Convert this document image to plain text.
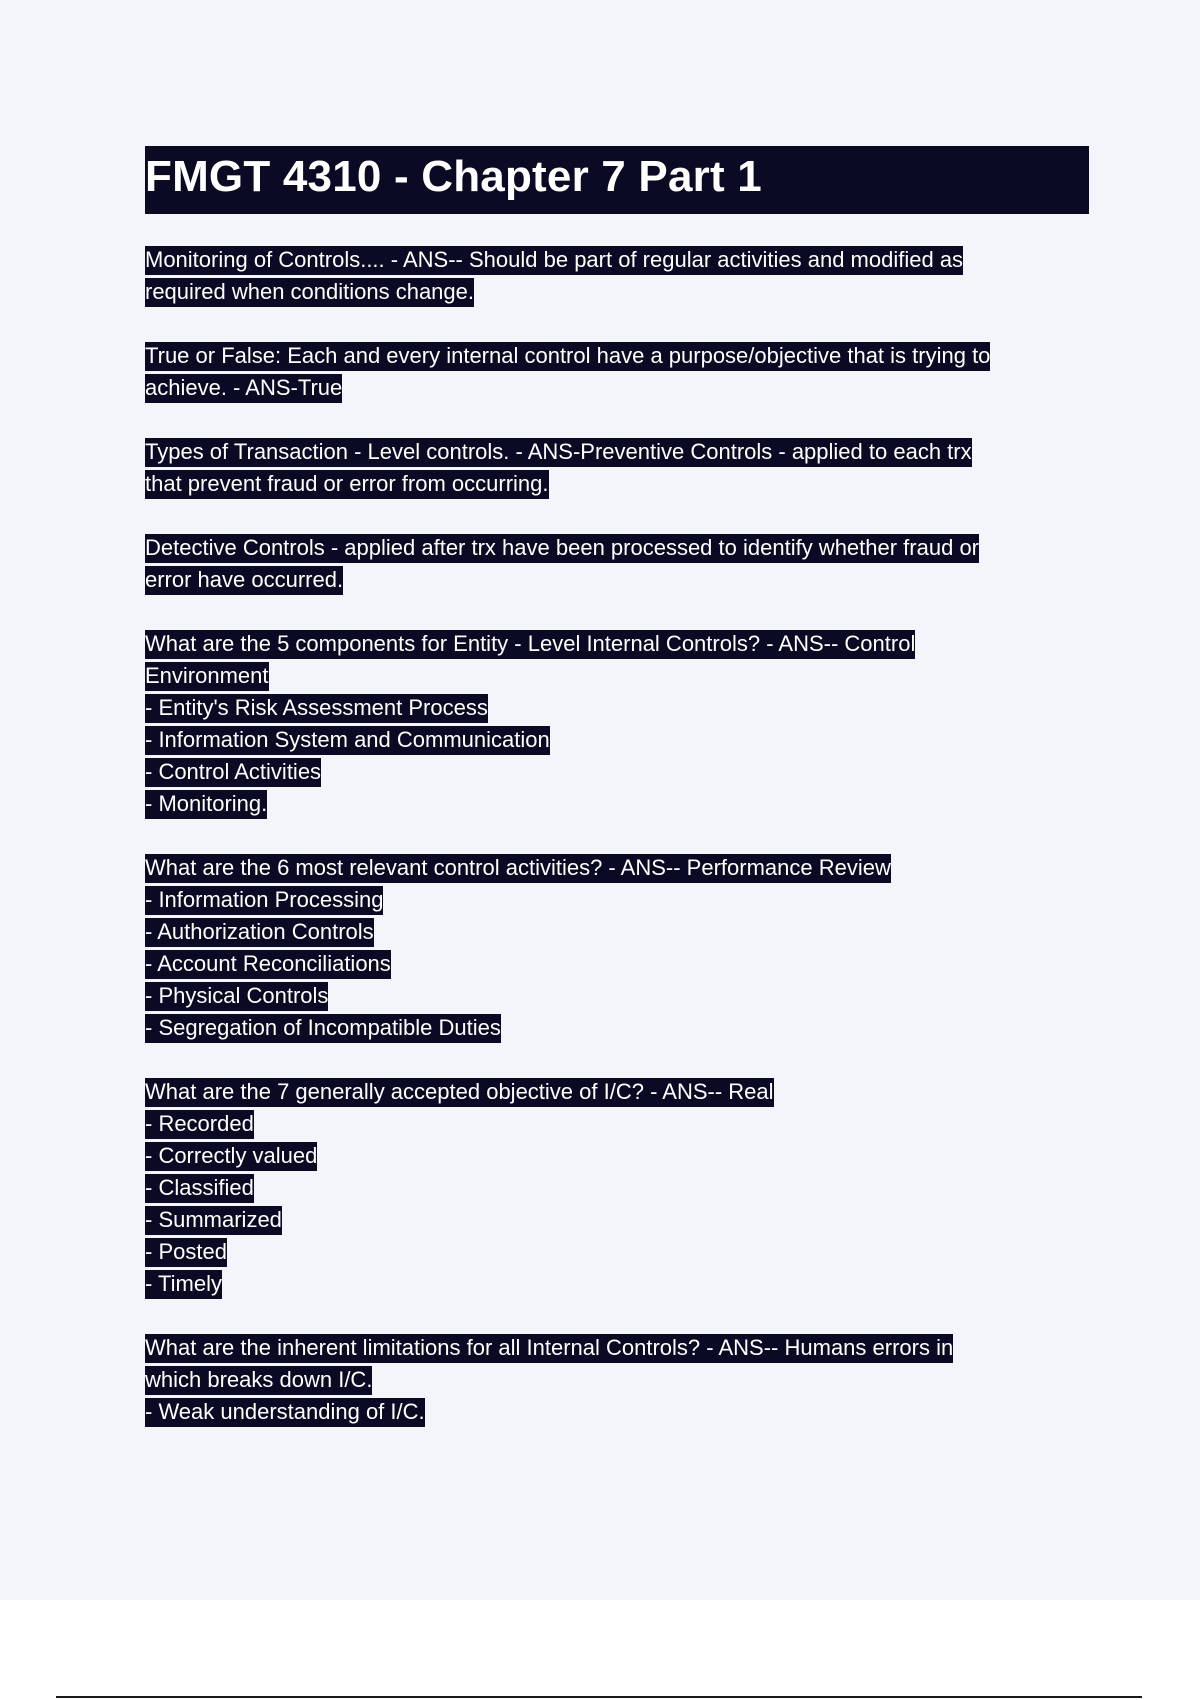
FMGT 4310 - Chapter 7 Part 1
Monitoring of Controls.... - ANS-- Should be part of regular activities and modified as
required when conditions change.
True or False: Each and every internal control have a purpose/objective that is trying to
achieve. - ANS-True
Types of Transaction - Level controls. - ANS-Preventive Controls - applied to each trx
that prevent fraud or error from occurring.
Detective Controls - applied after trx have been processed to identify whether fraud or
error have occurred.
What are the 5 components for Entity - Level Internal Controls? - ANS-- Control
Environment
- Entity's Risk Assessment Process
- Information System and Communication
- Control Activities
- Monitoring.
What are the 6 most relevant control activities? - ANS-- Performance Review
- Information Processing
- Authorization Controls
- Account Reconciliations
- Physical Controls
- Segregation of Incompatible Duties
What are the 7 generally accepted objective of I/C? - ANS-- Real
- Recorded
- Correctly valued
- Classified
- Summarized
- Posted
- Timely
What are the inherent limitations for all Internal Controls? - ANS-- Humans errors in
which breaks down I/C.
- Weak understanding of I/C.
